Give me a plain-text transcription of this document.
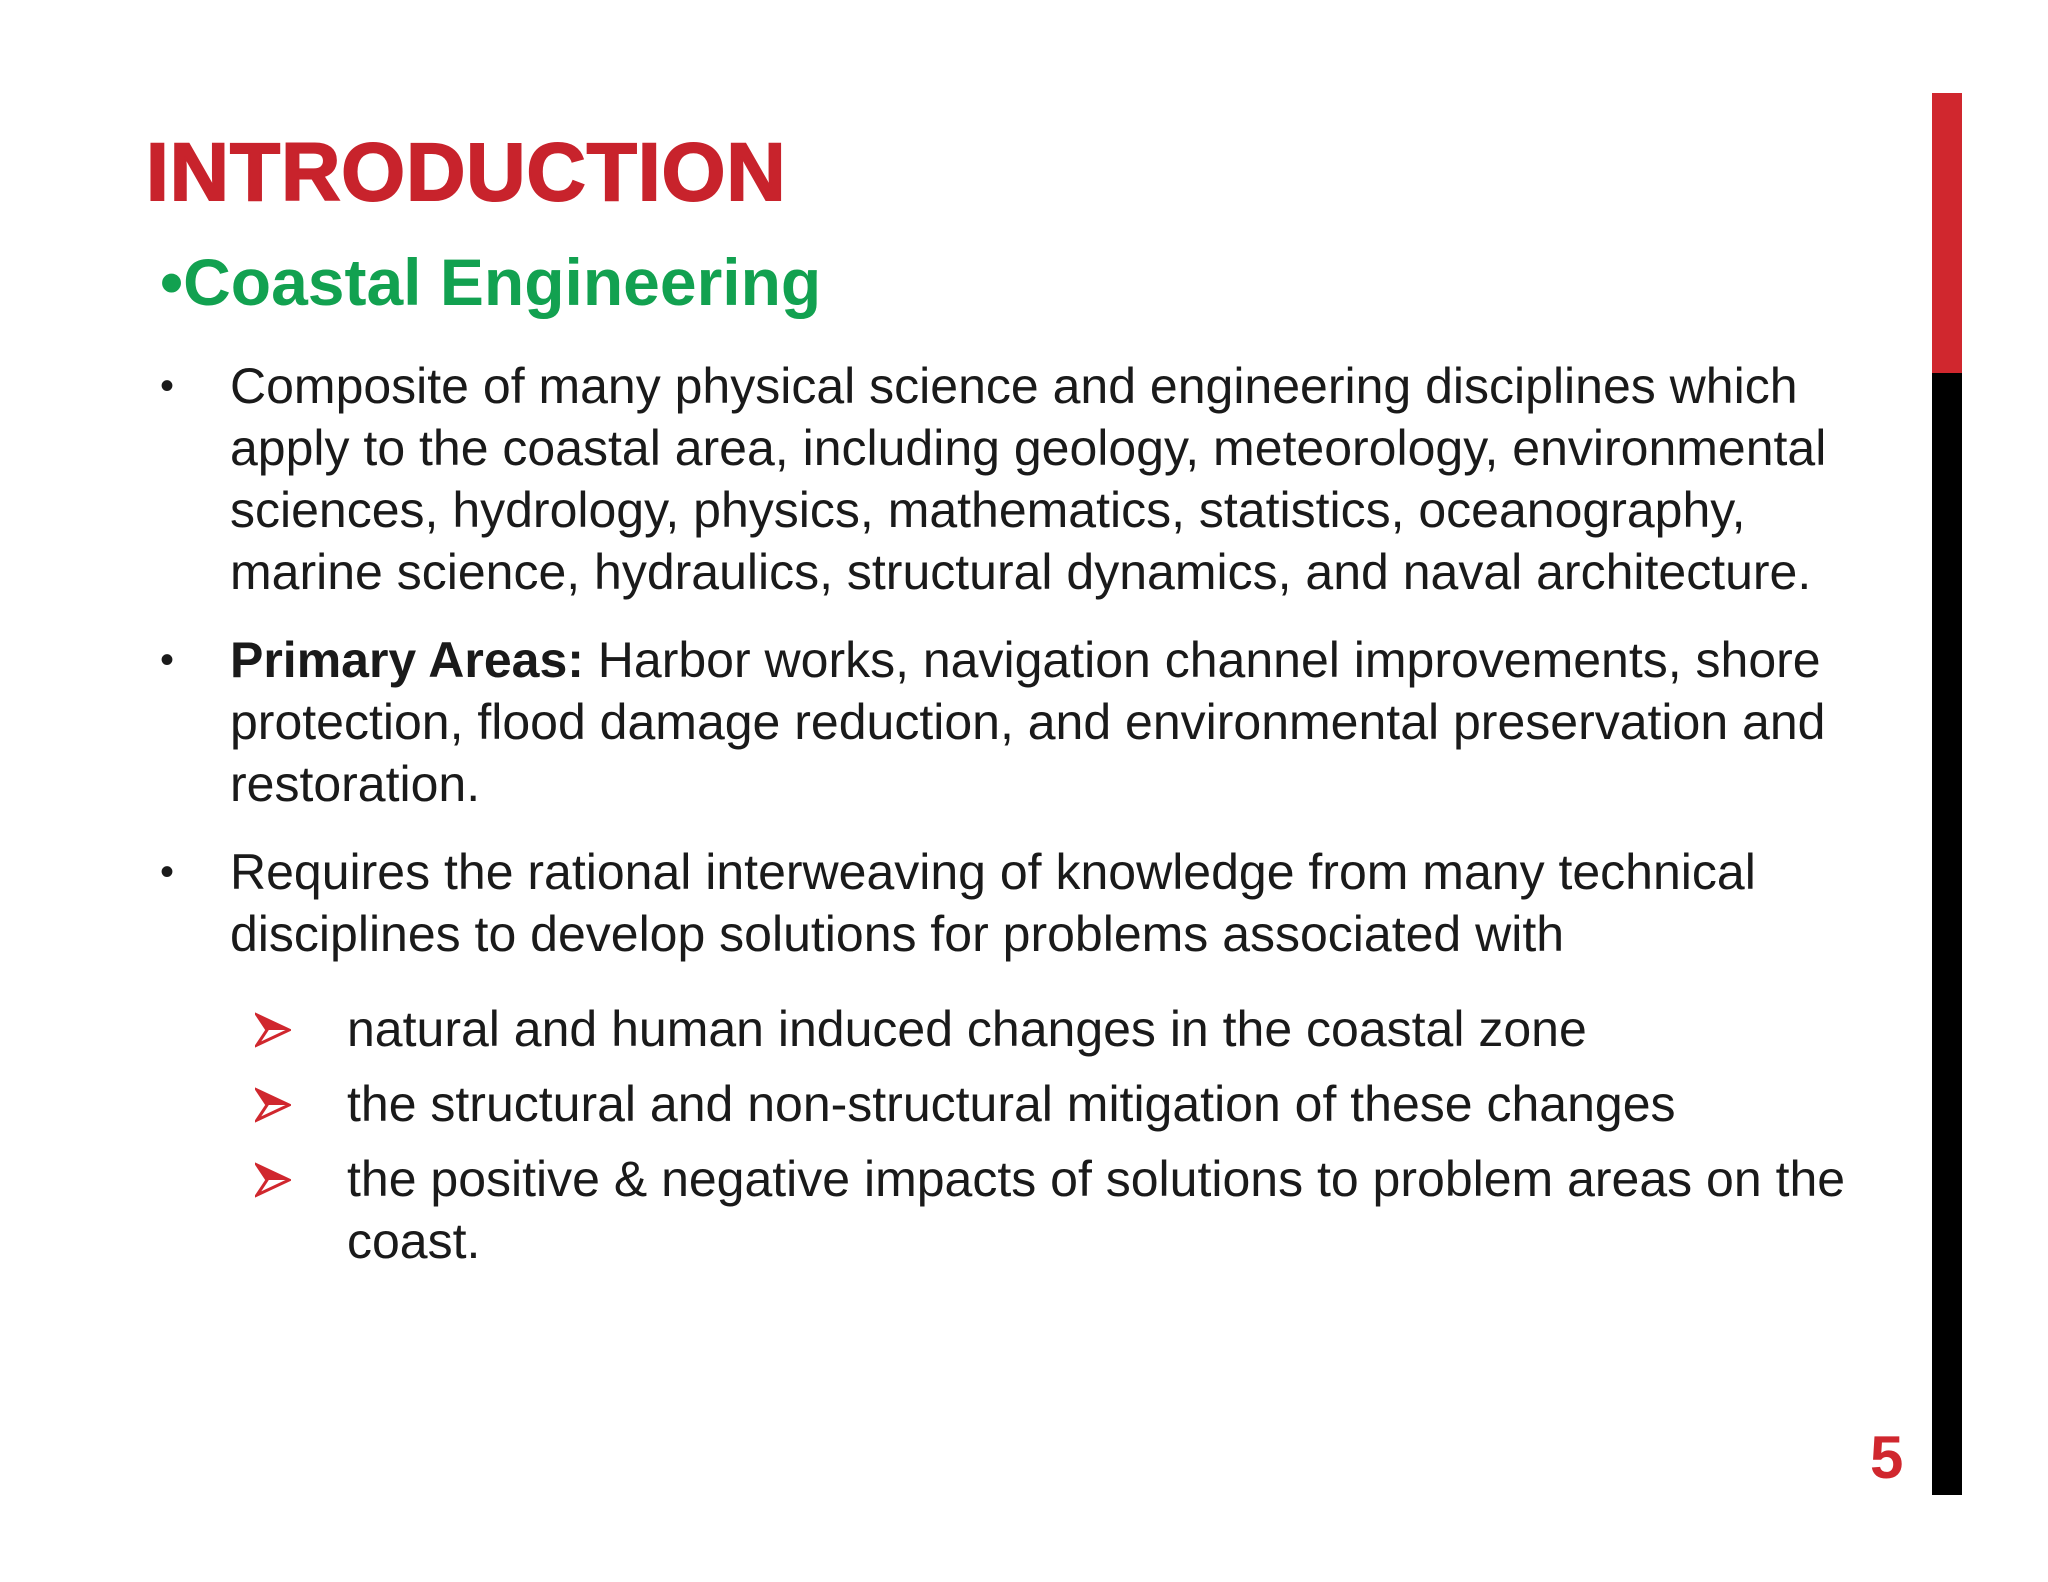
INTRODUCTION
•Coastal Engineering
• Composite of many physical science and engineering disciplines which apply to the coastal area, including geology, meteorology, environmental sciences, hydrology, physics, mathematics, statistics, oceanography, marine science, hydraulics, structural dynamics, and naval architecture.
• Primary Areas: Harbor works, navigation channel improvements, shore protection, flood damage reduction, and environmental preservation and restoration.
• Requires the rational interweaving of knowledge from many technical disciplines to develop solutions for problems associated with
natural and human induced changes in the coastal zone
the structural and non-structural mitigation of these changes
the positive & negative impacts of solutions to problem areas on the coast.
5
